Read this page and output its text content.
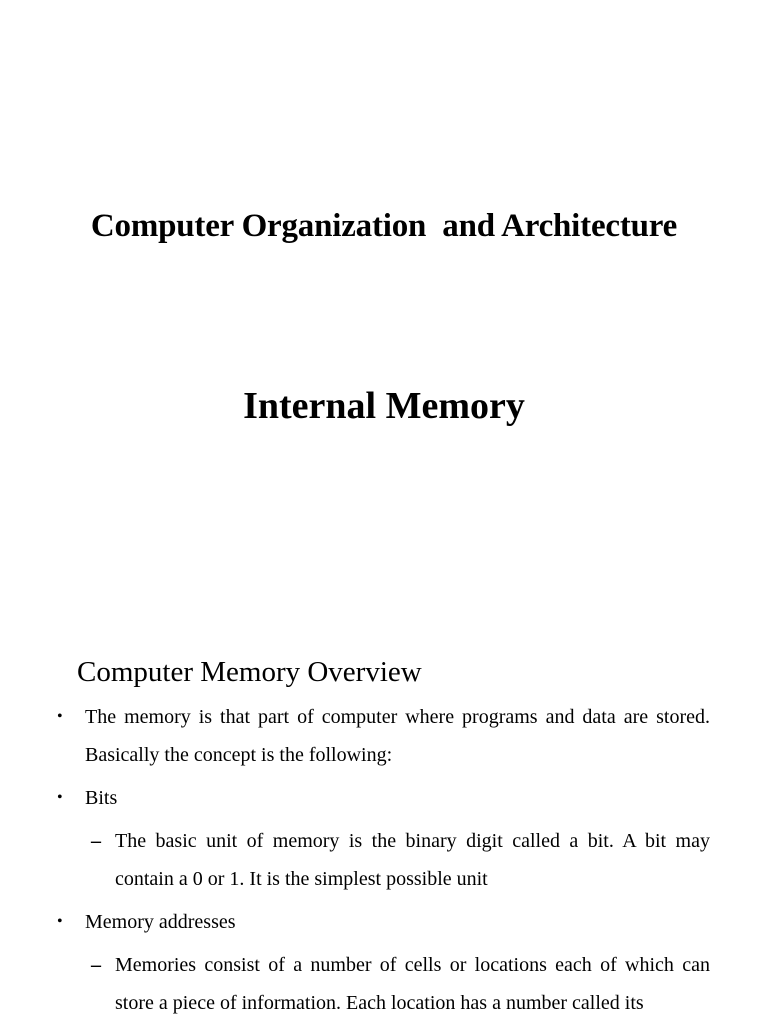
Computer Organization  and Architecture
Internal Memory
Computer Memory Overview
• The memory is that part of computer where programs and data are stored. Basically the concept is the following:
• Bits
– The basic unit of memory is the binary digit called a bit. A bit may contain a 0 or 1. It is the simplest possible unit
• Memory addresses
– Memories consist of a number of cells or locations each of which can store a piece of information. Each location has a number called its
